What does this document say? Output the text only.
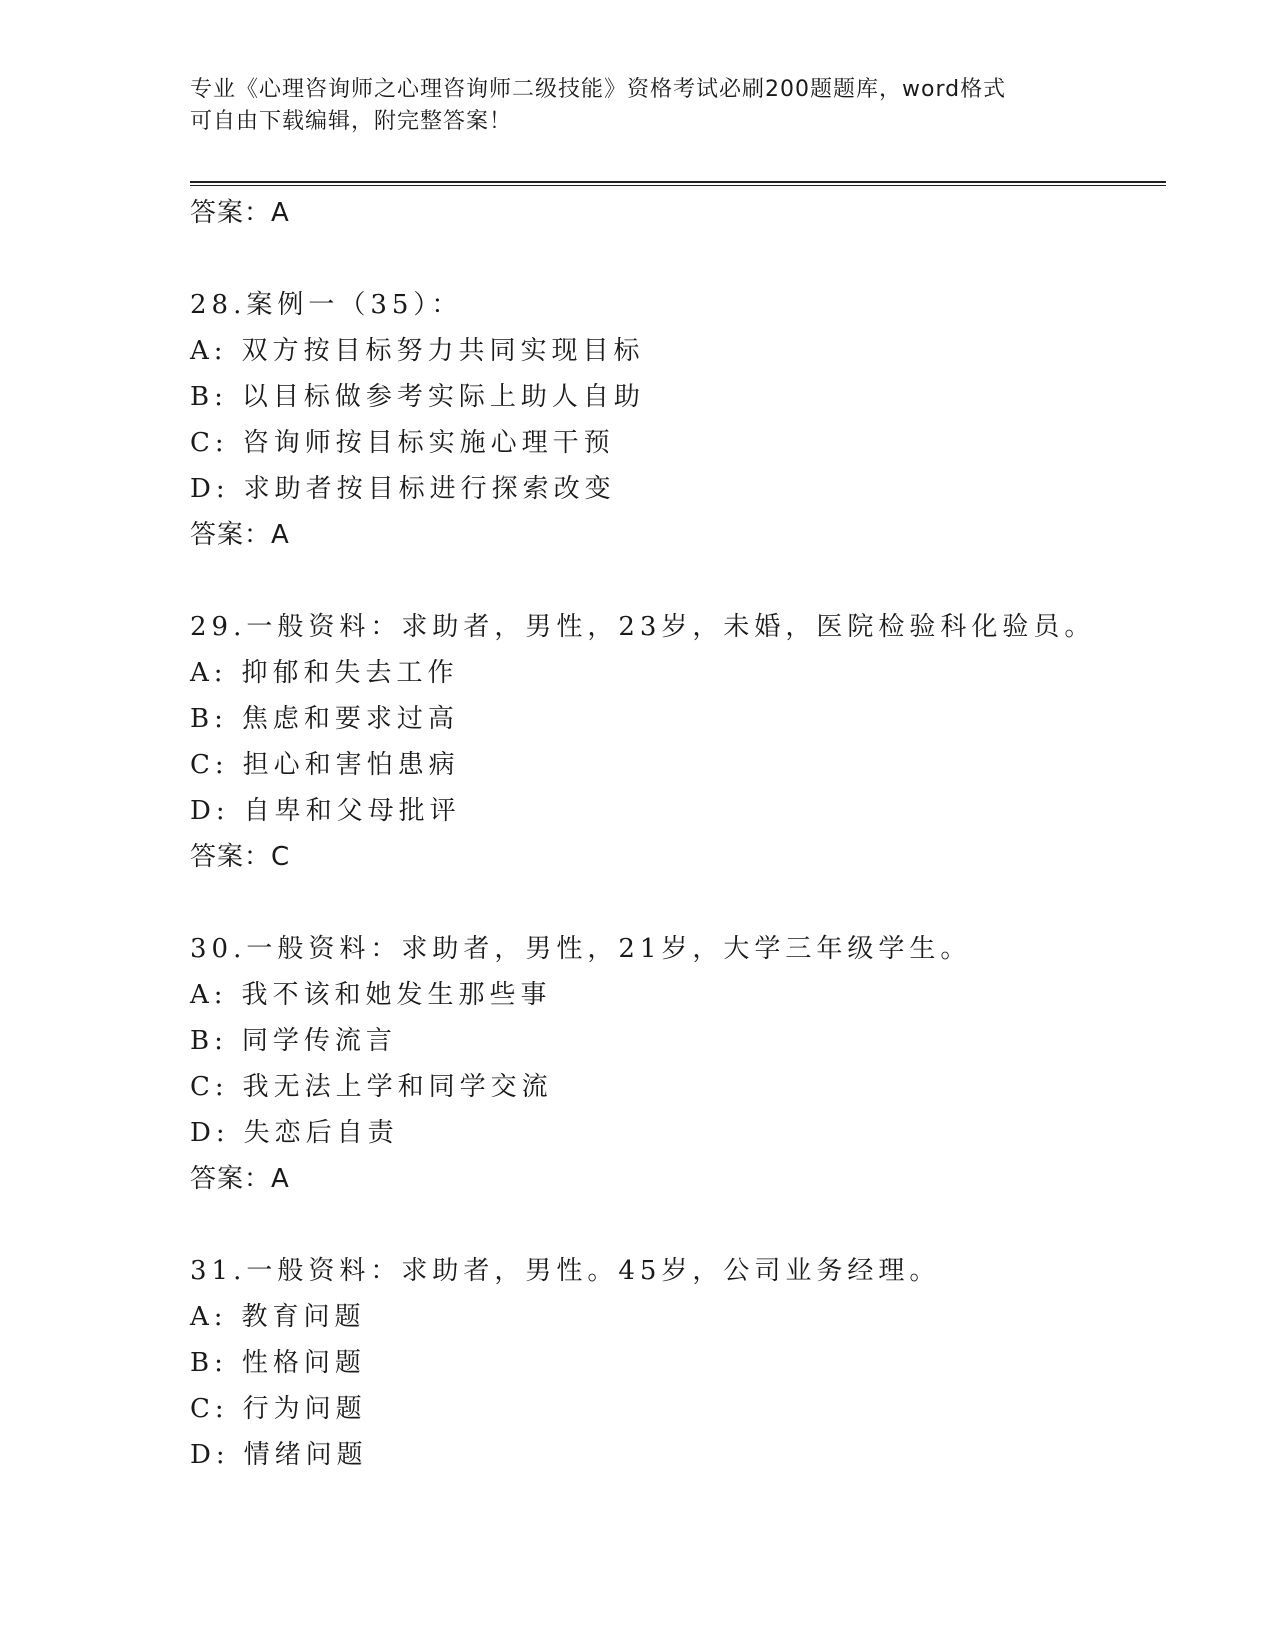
专业《心理咨询师之心理咨询师二级技能》资格考试必刷200题题库，word格式
可自由下载编辑，附完整答案！
答案：A
28.案例一（35）：
A: 双方按目标努力共同实现目标
B: 以目标做参考实际上助人自助
C: 咨询师按目标实施心理干预
D: 求助者按目标进行探索改变
答案：A
29.一般资料：求助者，男性，23岁，未婚，医院检验科化验员。
A: 抑郁和失去工作
B: 焦虑和要求过高
C: 担心和害怕患病
D: 自卑和父母批评
答案：C
30.一般资料：求助者，男性，21岁，大学三年级学生。
A: 我不该和她发生那些事
B: 同学传流言
C: 我无法上学和同学交流
D: 失恋后自责
答案：A
31.一般资料：求助者，男性。45岁，公司业务经理。
A: 教育问题
B: 性格问题
C: 行为问题
D: 情绪问题
